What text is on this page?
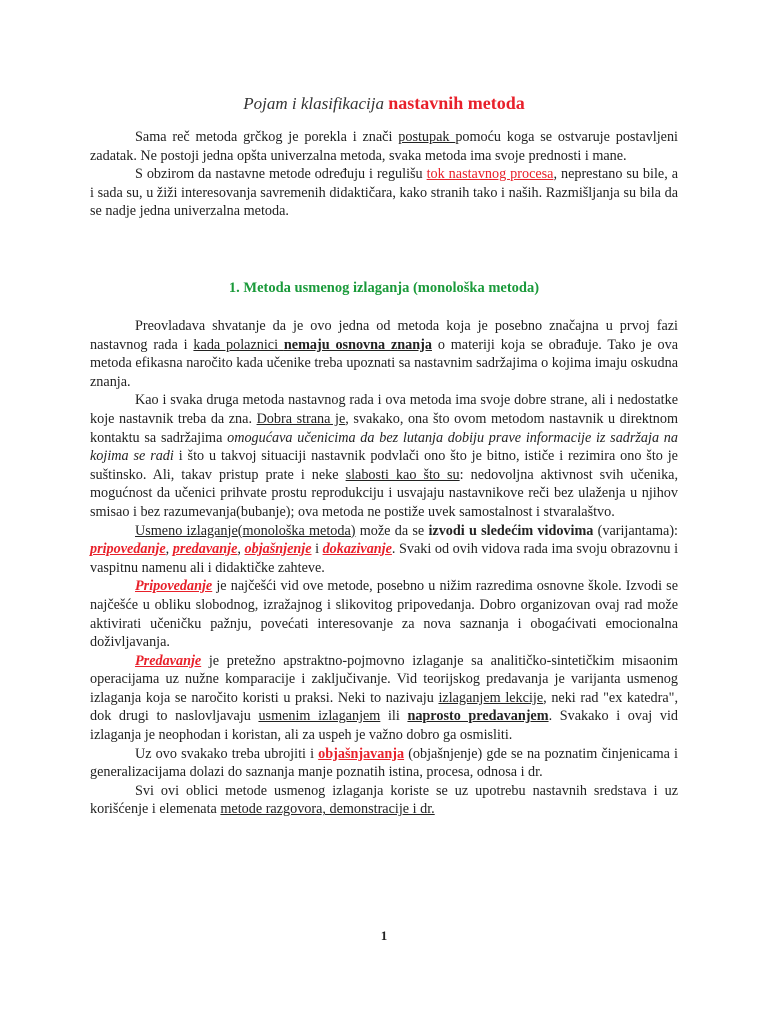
Pojam i klasifikacija nastavnih metoda

Sama reč metoda grčkog je porekla i znači postupak pomoću koga se ostvaruje postavljeni zadatak. Ne postoji jedna opšta univerzalna metoda, svaka metoda ima svoje prednosti i mane.

S obzirom da nastavne metode određuju i regulišu tok nastavnog procesa, neprestano su bile, a i sada su, u žiži interesovanja savremenih didaktičara, kako stranih tako i naših. Razmišljanja su bila da se nadje jedna univerzalna metoda.

1. Metoda usmenog izlaganja (monološka metoda)

Preovladava shvatanje da je ovo jedna od metoda koja je posebno značajna u prvoj fazi nastavnog rada i kada polaznici nemaju osnovna znanja o materiji koja se obrađuje. Tako je ova metoda efikasna naročito kada učenike treba upoznati sa nastavnim sadržajima o kojima imaju oskudna znanja.

Kao i svaka druga metoda nastavnog rada i ova metoda ima svoje dobre strane, ali i nedostatke koje nastavnik treba da zna. Dobra strana je, svakako, ona što ovom metodom nastavnik u direktnom kontaktu sa sadržajima omogućava učenicima da bez lutanja dobiju prave informacije iz sadržaja na kojima se radi i što u takvoj situaciji nastavnik podvlači ono što je bitno, ističe i rezimira ono što je suštinsko. Ali, takav pristup prate i neke slabosti kao što su: nedovoljna aktivnost svih učenika, mogućnost da učenici prihvate prostu reprodukciju i usvajaju nastavnikove reči bez ulaženja u njihov smisao i bez razumevanja(bubanje); ova metoda ne postiže uvek samostalnost i stvaralaštvo.

Usmeno izlaganje(monološka metoda) može da se izvodi u sledećim vidovima (varijantama): pripovedanje, predavanje, objašnjenje i dokazivanje. Svaki od ovih vidova rada ima svoju obrazovnu i vaspitnu namenu ali i didaktičke zahteve.

Pripovedanje je najčešći vid ove metode, posebno u nižim razredima osnovne škole. Izvodi se najčešće u obliku slobodnog, izražajnog i slikovitog pripovedanja. Dobro organizovan ovaj rad može aktivirati učeničku pažnju, povećati interesovanje za nova saznanja i obogaćivati emocionalna doživljavanja.

Predavanje je pretežno apstraktno-pojmovno izlaganje sa analitičko-sintetičkim misaonim operacijama uz nužne komparacije i zaključivanje. Vid teorijskog predavanja je varijanta usmenog izlaganja koja se naročito koristi u praksi. Neki to nazivaju izlaganjem lekcije, neki rad "ex katedra", dok drugi to naslovljavaju usmenim izlaganjem ili naprosto predavanjem. Svakako i ovaj vid izlaganja je neophodan i koristan, ali za uspeh je važno dobro ga osmisliti.

Uz ovo svakako treba ubrojiti i objašnjavanja (objašnjenje) gde se na poznatim činjenicama i generalizacijama dolazi do saznanja manje poznatih istina, procesa, odnosa i dr.

Svi ovi oblici metode usmenog izlaganja koriste se uz upotrebu nastavnih sredstava i uz korišćenje i elemenata metode razgovora, demonstracije i dr.

1
